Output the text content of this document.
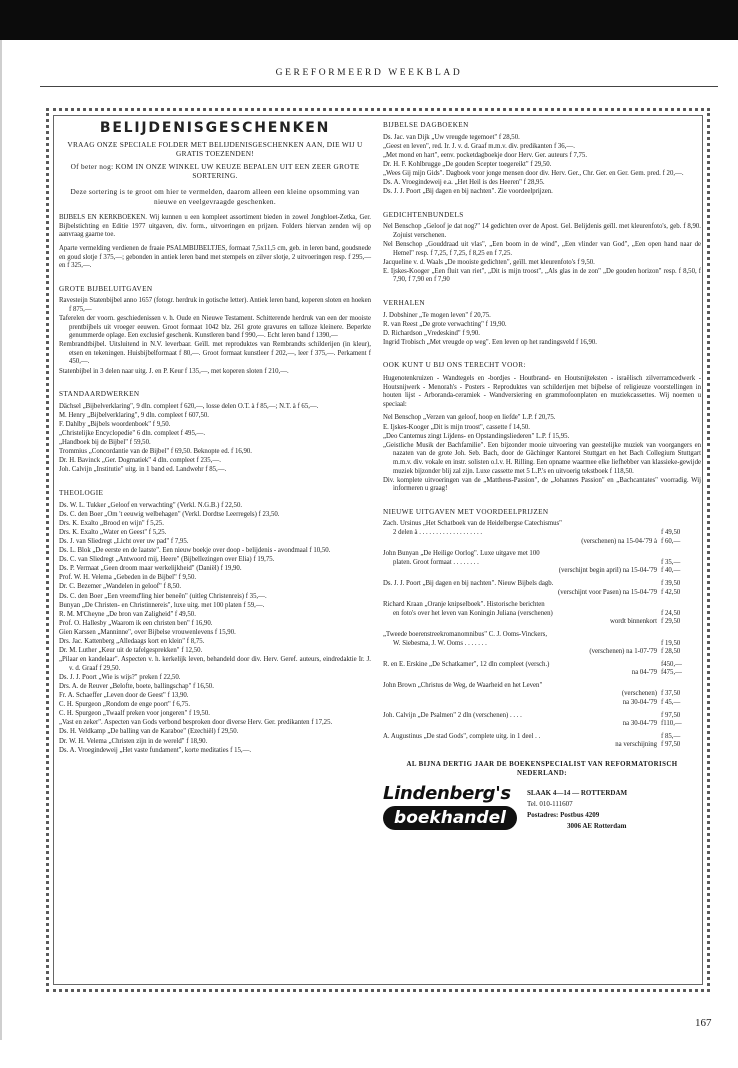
GEREFORMEERD WEEKBLAD
BELIJDENISGESCHENKEN
VRAAG ONZE SPECIALE FOLDER MET BELIJDENISGESCHENKEN AAN, DIE WIJ U GRATIS TOEZENDEN!
Of beter nog: KOM IN ONZE WINKEL UW KEUZE BEPALEN UIT EEN ZEER GROTE SORTERING.
Deze sortering is te groot om hier te vermelden, daarom alleen een kleine opsomming van nieuwe en veelgevraagde geschenken.
BIJBELS EN KERKBOEKEN. Wij kunnen u een kompleet assortiment bieden in zowel Jongbloet-Zetka, Ger. Bijbelstichting en Editie 1977 uitgaven, div. form., uitvoeringen en prijzen. Folders hiervan zenden wij op aanvraag gaarne toe.
Aparte vermelding verdienen de fraaie PSALMBIJBELTJES, formaat 7,5x11,5 cm, geb. in leren band, goudsnede en goud slotje f 375,—; gebonden in antiek leren band met stempels en zilver slotje, 2 uitvoeringen resp. f 295,— en f 325,—.
GROTE BIJBELUITGAVEN
Ravesteijn Statenbijbel anno 1657 (fotogr. herdruk in gotische letter). Antiek leren band, koperen sloten en hoeken f 875,—
Taferelen der voorn. geschiedenissen v. h. Oude en Nieuwe Testament. Schitterende herdruk van een der mooiste prentbijbels uit vroeger eeuwen. Groot formaat 1042 blz. 261 grote gravures en talloze kleinere. Beperkte genummerde oplage. Een exclusief geschenk. Kunstleren band f 990,—. Echt leren band f 1390,—
Rembrandtbijbel. Uitsluitend in N.V. leverbaar. Geïll. met reproduktes van Rembrandts schilderijen (in kleur), etsen en tekeningen. Huisbijbelformaat f 80,—. Groot formaat kunstleer f 202,—, leer f 375,—. Perkament f 450,—.
Statenbijbel in 3 delen naar uitg. J. en P. Keur f 135,—, met koperen sloten f 210,—.
STANDAARDWERKEN
Dächsel „Bijbelverklaring", 9 dln. compleet f 620,—, losse delen O.T. à f 85,—; N.T. à f 65,—.
M. Henry „Bijbelverklaring", 9 dln. compleet f 607,50.
F. Dahlby „Bijbels woordenboek" f 9,50.
„Christelijke Encyclopedie" 6 dln. compleet f 495,—.
„Handboek bij de Bijbel" f 59,50.
Trommius „Concordantie van de Bijbel" f 69,50. Beknopte ed. f 16,90.
Dr. H. Bavinck „Ger. Dogmatiek" 4 dln. compleet f 235,—.
Joh. Calvijn „Institutie" uitg. in 1 band ed. Landwehr f 85,—.
THEOLOGIE
Ds. W. L. Tukker „Geloof en verwachting" (Verkl. N.G.B.) f 22,50.
Ds. C. den Boer „Om 't eeuwig welbehagen" (Verkl. Dordtse Leerregels) f 23,50.
Drs. K. Exalto „Brood en wijn" f 5,25.
Drs. K. Exalto „Water en Geest" f 5,25.
Ds. J. van Sliedregt „Licht over uw pad" f 7,95.
Ds. L. Blok „De eerste en de laatste". Een nieuw boekje over doop - belijdenis - avondmaal f 10,50.
Ds. C. van Sliedregt „Antwoord mij, Heere" (Bijbellezingen over Elia) f 19,75.
Ds. P. Vermaat „Geen droom maar werkelijkheid" (Daniël) f 19,90.
Prof. W. H. Velema „Gebeden in de Bijbel" f 9,50.
Dr. C. Bezemer „Wandelen in geloof" f 8,50.
Ds. C. den Boer „Een vreemd'ling hier beneên" (uitleg Christenreis) f 35,—.
Bunyan „De Christen- en Christinnereis", luxe uitg. met 100 platen f 59,—.
R. M. M'Cheyne „De bron van Zaligheid" f 49,50.
Prof. O. Hallesby „Waarom ik een christen ben" f 16,90.
Gien Karssen „Manninne", over Bijbelse vrouwenlevens f 15,90.
Drs. Jac. Kattenberg „Alledaags kort en klein" f 8,75.
Dr. M. Luther „Keur uit de tafelgesprekken" f 12,50.
„Pilaar en kandelaar". Aspecten v. h. kerkelijk leven, behandeld door div. Herv. Geref. auteurs, eindredaktie Ir. J. v. d. Graaf f 29,50.
Ds. J. J. Poort „Wie is wijs?" preken f 22,50.
Drs. A. de Reuver „Belofte, boete, ballingschap" f 16,50.
Fr. A. Schaeffer „Leven door de Geest" f 13,90.
C. H. Spurgeon „Rondom de enge poort" f 6,75.
C. H. Spurgeon „Twaalf preken voor jongeren" f 19,50.
„Vast en zeker". Aspecten van Gods verbond besproken door diverse Herv. Ger. predikanten f 17,25.
Ds. H. Veldkamp „De balling van de Karaboe" (Ezechiël) f 29,50.
Dr. W. H. Velema „Christen zijn in de wereld" f 18,90.
Ds. A. Vroegindeweij „Het vaste fundament", korte meditaties f 15,—.
BIJBELSE DAGBOEKEN
Ds. Jac. van Dijk „Uw vreugde tegemoet" f 28,50.
„Geest en leven", red. Ir. J. v. d. Graaf m.m.v. div. predikanten f 36,—.
„Met mond en hart", eenv. pocketdagboekje door Herv. Ger. auteurs f 7,75.
Dr. H. F. Kohlbrugge „De gouden Scepter toegereikt" f 29,50.
„Wees Gij mijn Gids". Dagboek voor jonge mensen door div. Herv. Ger., Chr. Ger. en Ger. Gem. pred. f 20,—.
Ds. A. Vroegindeweij e.a. „Het Heil is des Heeren" f 28,95.
Ds. J. J. Poort „Bij dagen en bij nachten". Zie voordeelprijzen.
GEDICHTENBUNDELS
Nel Benschop „Geloof je dat nog?" 14 gedichten over de Apost. Gel. Belijdenis geïll. met kleurenfoto's, geb. f 8,90. Zojuist verschenen.
Nel Benschop „Gouddraad uit vlas", „Een boom in de wind", „Een vlinder van God", „Een open hand naar de Hemel" resp. f 7,25, f 7,25, f 8,25 en f 7,25.
Jacqueline v. d. Waals „De mooiste gedichten", geïll. met kleurenfoto's f 9,50.
E. Ijskes-Kooger „Een fluit van riet", „Dit is mijn troost", „Als glas in de zon" „De gouden horizon" resp. f 8,50, f 7,90, f 7,90 en f 7,90
VERHALEN
J. Dobshiner „Te mogen leven" f 20,75.
R. van Reest „De grote verwachting" f 19,90.
D. Richardson „Vredeskind" f 9,90.
Ingrid Trobisch „Met vreugde op weg". Een leven op het randingsveld f 16,90.
OOK KUNT U BIJ ONS TERECHT VOOR:
Hugenotenkruizen - Wandtegels en -bordjes - Houtbrand- en Houtsnijteksten - israëlisch zilverramcedwerk - Houtsnijwerk - Menorah's - Posters - Reproduktes van schilderijen met bijbelse of religieuze voorstellingen in houten lijst - Arboranda-ceramiek - Wandversiering en grammofoonplaten en muziekcassettes. Wij noemen u speciaal:
Nel Benschop „Verzen van geloof, hoop en liefde" L.P. f 20,75.
E. Ijskes-Kooger „Dit is mijn troost", cassette f 14,50.
„Deo Cantemus zingt Lijdens- en Opstandingsliederen" L.P. f 15,95.
„Geistliche Musik der Bachfamilie". Een bijzonder mooie uitvoering van geestelijke muziek van voorgangers en nazaten van de grote Joh. Seb. Bach, door de Gächinger Kantorei Stuttgart en het Bach Collegium Stuttgart m.m.v. div. vokale en instr. solisten o.l.v. H. Rilling. Een opname waarmee elke liefhebber van klassieke-gewijde muziek bijzonder blij zal zijn. Luxe cassette met 5 L.P.'s en uitvoerig tekstboek f 118,50.
Div. komplete uitvoeringen van de „Mattheus-Passion", de „Johannes Passion" en „Bachcantates" voorradig. Wij informeren u graag!
NIEUWE UITGAVEN MET VOORDEELPRIJZEN
Zach. Ursinus „Het Schatboek van de Heidelbergse Catechismus"
2 delen à . . . . . . . . . . . . . . . . . . .	f 49,50
(verschenen) na 15-04-'79 à f 60,—
John Bunyan „De Heilige Oorlog". Luxe uitgave met 100
platen. Groot formaat . . . . . . . .	f 35,—
(verschijnt begin april) na 15-04-'79 f 40,—
Ds. J. J. Poort „Bij dagen en bij nachten". Nieuw Bijbels dagb.	f 39,50
(verschijnt voor Pasen) na 15-04-'79 f 42,50
Richard Kraan „Oranje knipselboek". Historische berichten
en foto's over het leven van Koningin Juliana (verschenen)	f 24,50
wordt binnenkort f 29,50
„Tweede boerenstreekromanomnibus" C. J. Ooms-Vinckers,
W. Siebesma, J. W. Ooms . . . . . . .	f 19,50
(verschenen) na 1-07-'79 f 28,50
R. en E. Erskine „De Schatkamer", 12 dln compleet (versch.)	f450,—
na 04-'79 f475,—
John Brown „Christus de Weg, de Waarheid en het Leven"
(verschenen) f 37,50
na 30-04-'79 f 45,—
Joh. Calvijn „De Psalmen" 2 dln (verschenen) . . . .	f 97,50
na 30-04-'79 f110,—
A. Augustinus „De stad Gods", complete uitg. in 1 deel . .	f 85,—
na verschijning f 97,50
AL BIJNA DERTIG JAAR DE BOEKENSPECIALIST VAN REFORMATORISCH NEDERLAND:
Lindenberg's
boekhandel
SLAAK 4—14 — ROTTERDAM
Tel. 010-111607
Postadres: Postbus 4209
3006 AE Rotterdam
167
